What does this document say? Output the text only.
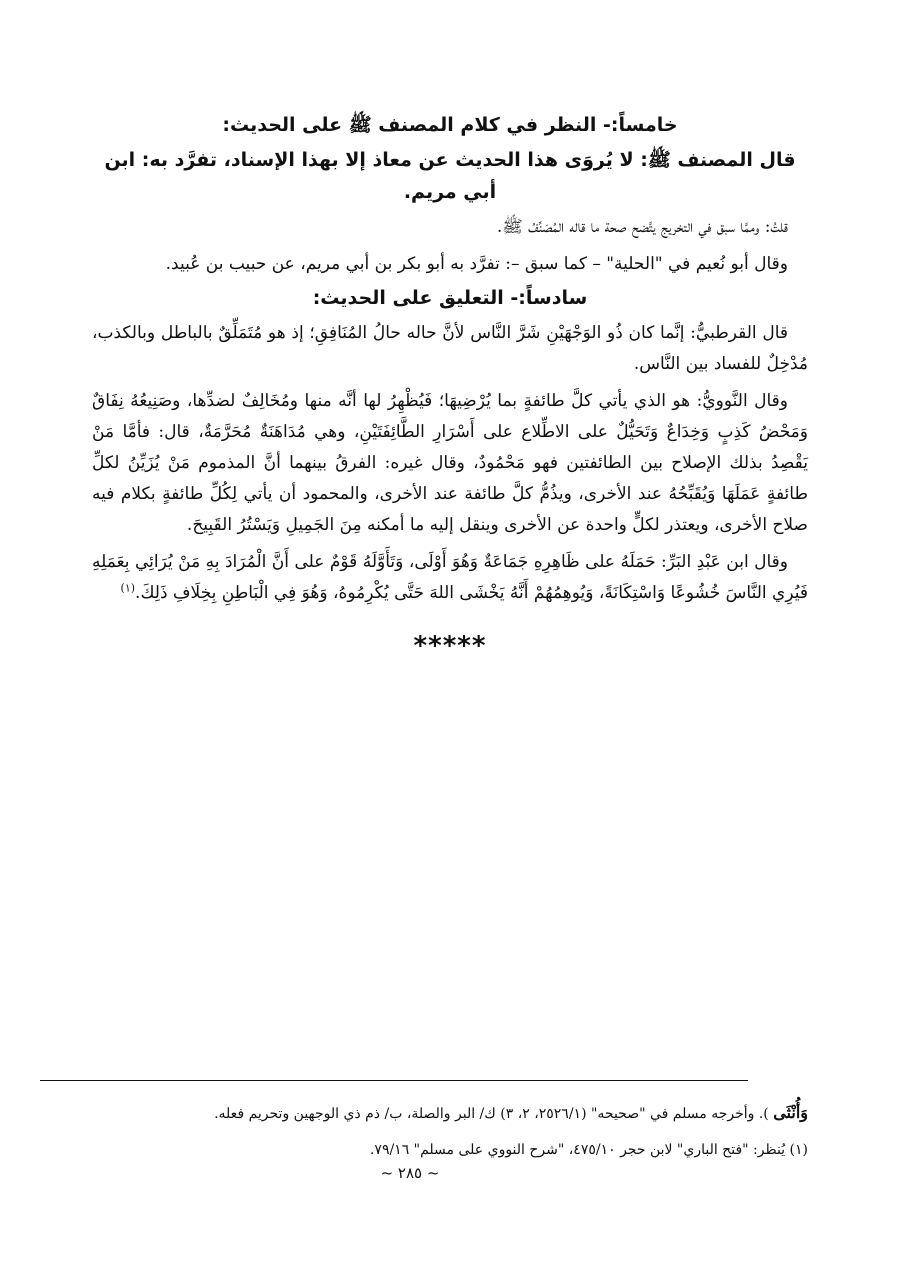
خامساً:- النظر في كلام المصنف ﷺ على الحديث:

قال المصنف ﷺ: لا يُروَى هذا الحديث عن معاذ إلا بهذا الإسناد، تفرَّد به: ابن أبي مريم.

قلتُ: وممَّا سبق في التخريج يتَّضح صحة ما قاله المُصَنِّفُ ﷺ.

وقال أبو نُعيم في "الحلية" – كما سبق –: تفرَّد به أبو بكر بن أبي مريم، عن حبيب بن عُبيد.

سادساً:- التعليق على الحديث:

قال القرطبيُّ: إنَّما كان ذُو الوَجْهَيْنِ شَرَّ النَّاس لأنَّ حاله حالُ المُنَافِقِ؛ إذ هو مُتَمَلِّقٌ بالباطل وبالكذب، مُدْخِلٌ للفساد بين النَّاس.

وقال النَّوويُّ: هو الذي يأتي كلَّ طائفةٍ بما يُرْضِيهَا؛ فَيُظْهِرُ لها أنَّه منها ومُخَالِفٌ لضدِّها، وصَنِيعُهُ نِفَاقٌ وَمَحْضُ كَذِبٍ وَخِدَاعٌ وَتَحَيُّلٌ على الاطِّلاع على أَسْرَارِ الطَّائِفَتَيْنِ، وهي مُدَاهَنَةٌ مُحَرَّمَةٌ، قال: فأمَّا مَنْ يَقْصِدُ بذلك الإصلاح بين الطائفتين فهو مَحْمُودٌ، وقال غيره: الفرقُ بينهما أنَّ المذموم مَنْ يُزَيِّنُ لكلِّ طائفةٍ عَمَلَهَا وَيُقَبِّحُهُ عند الأخرى، ويذُمُّ كلَّ طائفة عند الأخرى، والمحمود أن يأتي لِكُلِّ طائفةٍ بكلام فيه صلاح الأخرى، ويعتذر لكلٍّ واحدة عن الأخرى وينقل إليه ما أمكنه مِنَ الجَمِيلِ وَيَسْتُرُ القَبِيحَ.

وقال ابن عَبْدِ البَرِّ: حَمَلَهُ على ظَاهِرِهِ جَمَاعَةٌ وَهُوَ أَوْلَى، وَتَأَوَّلَهُ قَوْمٌ على أَنَّ الْمُرَادَ بِهِ مَنْ يُرَائِي بِعَمَلِهِ فَيُرِي النَّاسَ خُشُوعًا وَاسْتِكَانَةً، وَيُوهِمُهُمْ أَنَّهُ يَخْشَى اللهَ حَتَّى يُكْرِمُوهُ، وَهُوَ فِي الْبَاطِنِ بِخِلَافِ ذَلِكَ.$^{(١)}$

*****

وَأُنْثَى ). وأخرجه مسلم في "صحيحه" (٢٥٢٦/١، ٢، ٣) ك/ البر والصلة، ب/ ذم ذي الوجهين وتحريم فعله.

(١) يُنظر: "فتح الباري" لابن حجر ٤٧٥/١٠، "شرح النووي على مسلم" ٧٩/١٦.

~ ٢٨٥ ~
